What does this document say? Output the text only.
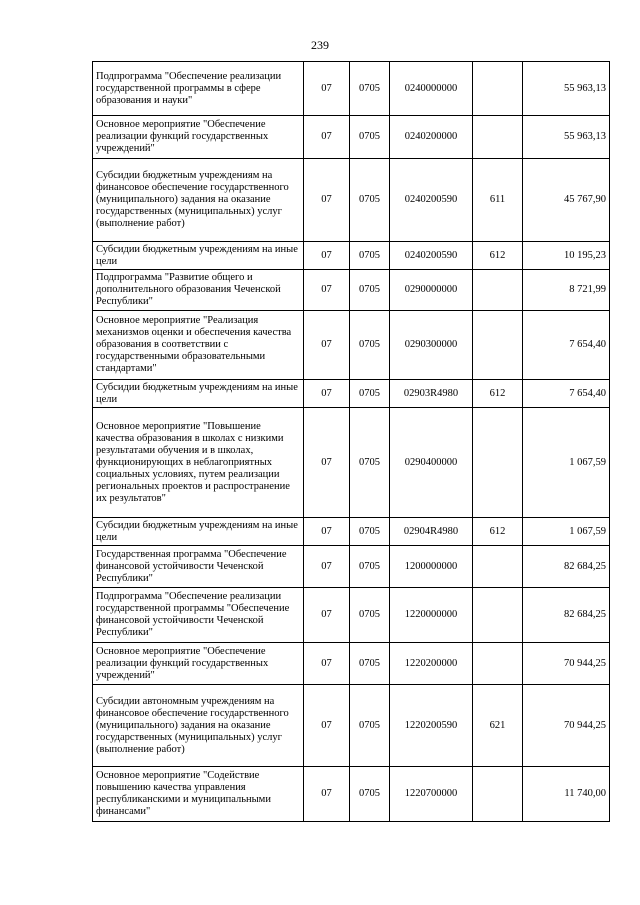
239
Подпрограмма "Обеспечение реализации государственной программы в сфере образования и науки"	07	0705	0240000000		55 963,13
Основное мероприятие "Обеспечение реализации функций государственных учреждений"	07	0705	0240200000		55 963,13
Субсидии бюджетным учреждениям на финансовое обеспечение государственного (муниципального) задания на оказание государственных (муниципальных) услуг (выполнение работ)	07	0705	0240200590	611	45 767,90
Субсидии бюджетным учреждениям на иные цели	07	0705	0240200590	612	10 195,23
Подпрограмма "Развитие общего и дополнительного образования Чеченской Республики"	07	0705	0290000000		8 721,99
Основное мероприятие "Реализация механизмов оценки и обеспечения качества образования в соответствии с государственными образовательными стандартами"	07	0705	0290300000		7 654,40
Субсидии бюджетным учреждениям на иные цели	07	0705	02903R4980	612	7 654,40
Основное мероприятие "Повышение качества образования в школах с низкими результатами обучения и в школах, функционирующих в неблагоприятных социальных условиях, путем реализации региональных проектов и распространение их результатов"	07	0705	0290400000		1 067,59
Субсидии бюджетным учреждениям на иные цели	07	0705	02904R4980	612	1 067,59
Государственная программа "Обеспечение финансовой устойчивости Чеченской Республики"	07	0705	1200000000		82 684,25
Подпрограмма "Обеспечение реализации государственной программы "Обеспечение финансовой устойчивости Чеченской Республики"	07	0705	1220000000		82 684,25
Основное мероприятие "Обеспечение реализации функций государственных учреждений"	07	0705	1220200000		70 944,25
Субсидии автономным учреждениям на финансовое обеспечение государственного (муниципального) задания на оказание государственных (муниципальных) услуг (выполнение работ)	07	0705	1220200590	621	70 944,25
Основное мероприятие "Содействие повышению качества управления республиканскими и муниципальными финансами"	07	0705	1220700000		11 740,00
